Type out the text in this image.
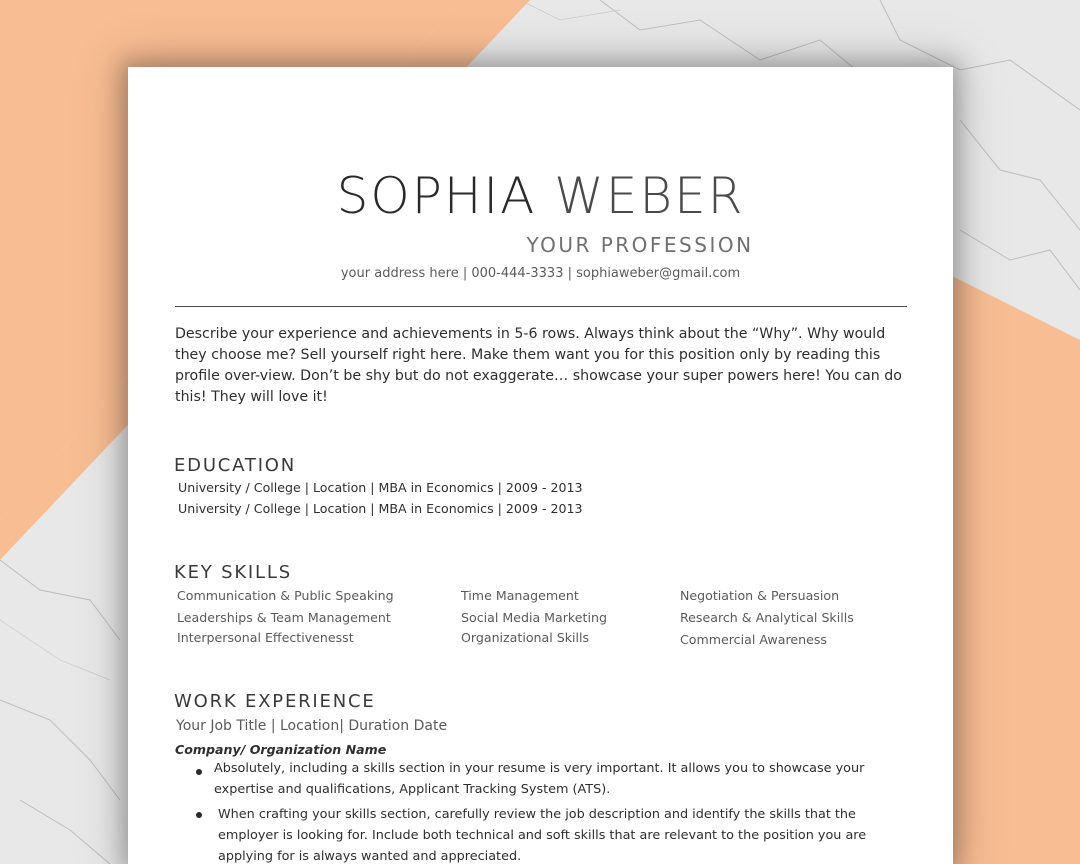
SOPHIA WEBER
YOUR PROFESSION
your address here | 000-444-3333 | sophiaweber@gmail.com

Describe your experience and achievements in 5-6 rows. Always think about the “Why”. Why would they choose me? Sell yourself right here. Make them want you for this position only by reading this profile over-view. Don’t be shy but do not exaggerate… showcase your super powers here! You can do this! They will love it!

EDUCATION
University / College | Location | MBA in Economics | 2009 - 2013
University / College | Location | MBA in Economics | 2009 - 2013
KEY SKILLS
Communication & Public Speaking
Leaderships & Team Management
Interpersonal Effectivenesst
Time Management
Social Media Marketing
Organizational Skills
Negotiation & Persuasion
Research & Analytical Skills
Commercial Awareness
WORK EXPERIENCE
Your Job Title | Location| Duration Date
Company/ Organization Name
Absolutely, including a skills section in your resume is very important. It allows you to showcase your expertise and qualifications, Applicant Tracking System (ATS).
When crafting your skills section, carefully review the job description and identify the skills that the employer is looking for. Include both technical and soft skills that are relevant to the position you are applying for is always wanted and appreciated.
